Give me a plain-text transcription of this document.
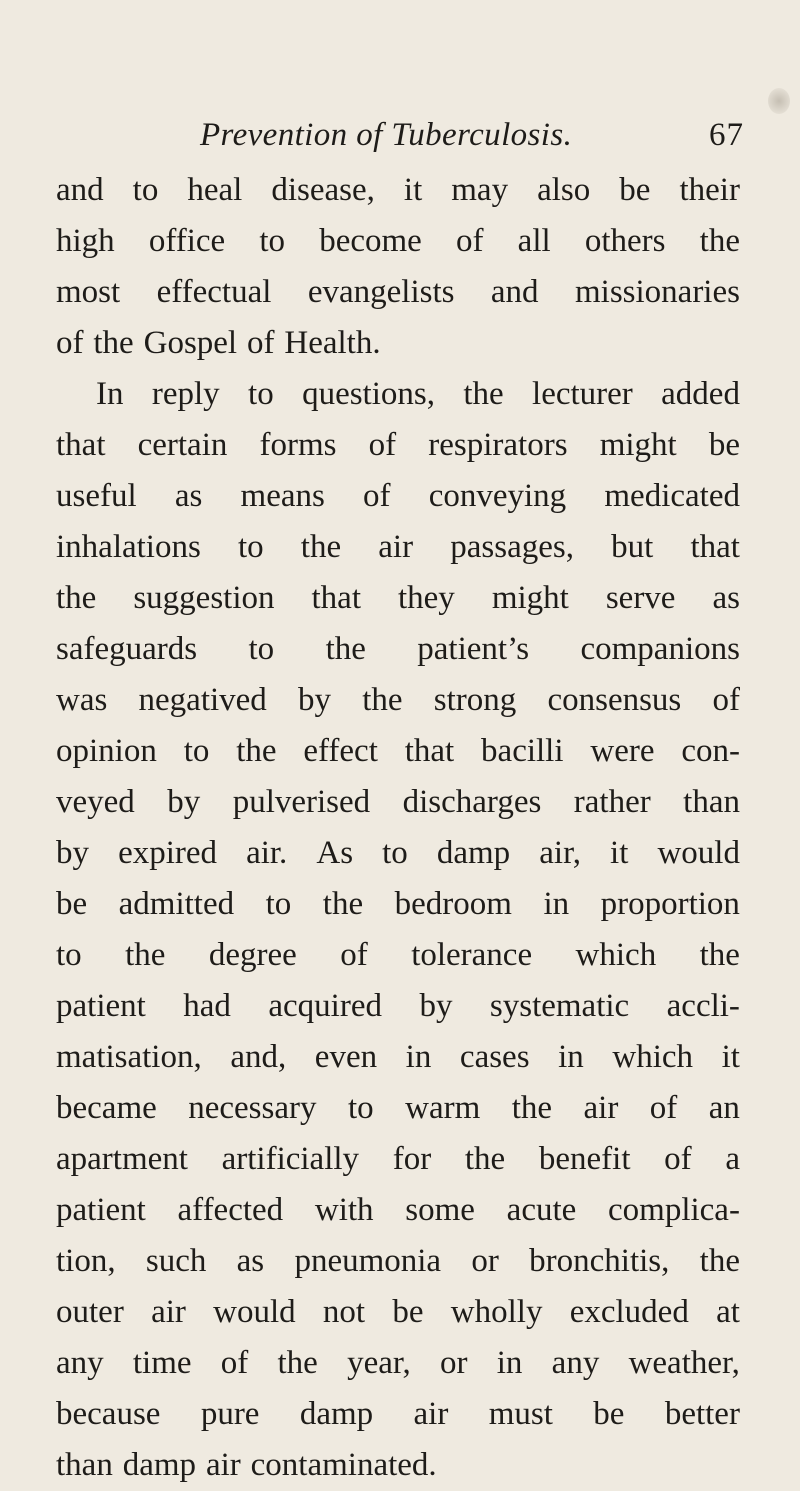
Prevention of Tuberculosis.	67
and to heal disease, it may also be their
high office to become of all others the
most effectual evangelists and missionaries
of the Gospel of Health.
In reply to questions, the lecturer added
that certain forms of respirators might be
useful as means of conveying medicated
inhalations to the air passages, but that
the suggestion that they might serve as
safeguards to the patient’s companions
was negatived by the strong consensus of
opinion to the effect that bacilli were con-
veyed by pulverised discharges rather than
by expired air. As to damp air, it would
be admitted to the bedroom in proportion
to the degree of tolerance which the
patient had acquired by systematic accli-
matisation, and, even in cases in which it
became necessary to warm the air of an
apartment artificially for the benefit of a
patient affected with some acute complica-
tion, such as pneumonia or bronchitis, the
outer air would not be wholly excluded at
any time of the year, or in any weather,
because pure damp air must be better
than damp air contaminated.
